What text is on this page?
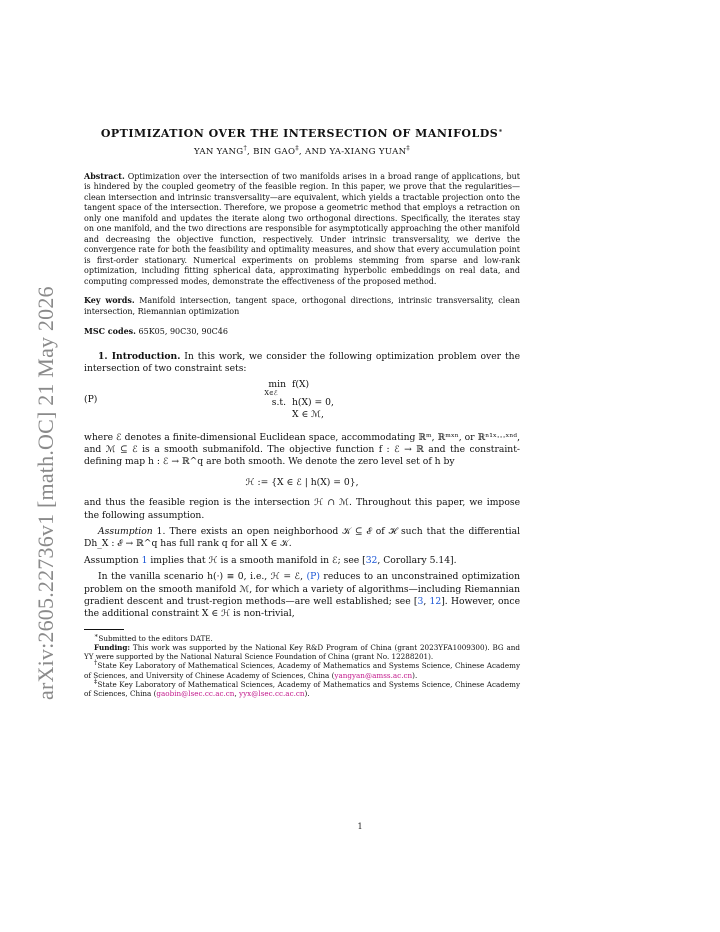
arXiv:2605.22736v1 [math.OC] 21 May 2026
OPTIMIZATION OVER THE INTERSECTION OF MANIFOLDS∗
YAN YANG†, BIN GAO‡, AND YA-XIANG YUAN‡
Abstract. Optimization over the intersection of two manifolds arises in a broad range of applications, but is hindered by the coupled geometry of the feasible region. In this paper, we prove that the regularities—clean intersection and intrinsic transversality—are equivalent, which yields a tractable projection onto the tangent space of the intersection. Therefore, we propose a geometric method that employs a retraction on only one manifold and updates the iterate along two orthogonal directions. Specifically, the iterates stay on one manifold, and the two directions are responsible for asymptotically approaching the other manifold and decreasing the objective function, respectively. Under intrinsic transversality, we derive the convergence rate for both the feasibility and optimality measures, and show that every accumulation point is first-order stationary. Numerical experiments on problems stemming from sparse and low-rank optimization, including fitting spherical data, approximating hyperbolic embeddings on real data, and computing compressed modes, demonstrate the effectiveness of the proposed method.
Key words. Manifold intersection, tangent space, orthogonal directions, intrinsic transversality, clean intersection, Riemannian optimization
MSC codes. 65K05, 90C30, 90C46
1. Introduction. In this work, we consider the following optimization problem over the intersection of two constraint sets:
(P)
min
X∈ℰ
s.t.
f(X)
h(X) = 0,
X ∈ ℳ,

where ℰ denotes a finite-dimensional Euclidean space, accommodating ℝᵐ, ℝᵐˣⁿ, or ℝⁿ¹ˣ···ˣⁿᵈ, and ℳ ⊆ ℰ is a smooth submanifold. The objective function f : ℰ → ℝ and the constraint-defining map h : ℰ → ℝ^q are both smooth. We denote the zero level set of h by

ℋ := {X ∈ ℰ | h(X) = 0},

and thus the feasible region is the intersection ℋ ∩ ℳ. Throughout this paper, we impose the following assumption.

Assumption 1. There exists an open neighborhood 𝒦 ⊆ ℰ of ℋ such that the differential Dh_X : ℰ → ℝ^q has full rank q for all X ∈ 𝒦.

Assumption 1 implies that ℋ is a smooth manifold in ℰ; see [32, Corollary 5.14].

In the vanilla scenario h(·) ≡ 0, i.e., ℋ = ℰ, (P) reduces to an unconstrained optimization problem on the smooth manifold ℳ, for which a variety of algorithms—including Riemannian gradient descent and trust-region methods—are well established; see [3, 12]. However, once the additional constraint X ∈ ℋ is non-trivial,

∗Submitted to the editors DATE.

Funding: This work was supported by the National Key R&D Program of China (grant 2023YFA1009300). BG and YY were supported by the National Natural Science Foundation of China (grant No. 12288201).

†State Key Laboratory of Mathematical Sciences, Academy of Mathematics and Systems Science, Chinese Academy of Sciences, and University of Chinese Academy of Sciences, China (yangyan@amss.ac.cn).

‡State Key Laboratory of Mathematical Sciences, Academy of Mathematics and Systems Science, Chinese Academy of Sciences, China (gaobin@lsec.cc.ac.cn, yyx@lsec.cc.ac.cn).

1
